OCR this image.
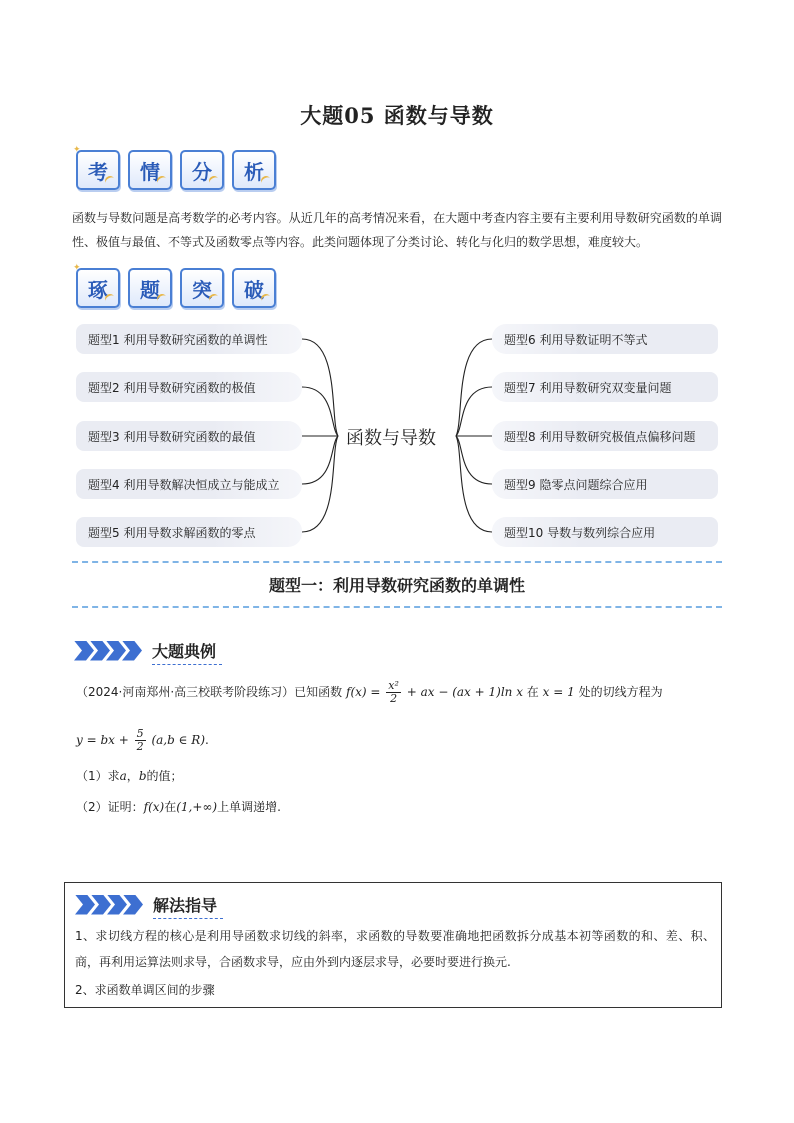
大题05 函数与导数
✦
考 情 分 析
函数与导数问题是高考数学的必考内容。从近几年的高考情况来看，在大题中考查内容主要有主要利用导数研究函数的单调性、极值与最值、不等式及函数零点等内容。此类问题体现了分类讨论、转化与化归的数学思想，难度较大。
✦
琢 题 突 破
函数与导数
题型1 利用导数研究函数的单调性
题型2 利用导数研究函数的极值
题型3 利用导数研究函数的最值
题型4 利用导数解决恒成立与能成立
题型5 利用导数求解函数的零点
题型6 利用导数证明不等式
题型7 利用导数研究双变量问题
题型8 利用导数研究极值点偏移问题
题型9 隐零点问题综合应用
题型10 导数与数列综合应用
题型一：利用导数研究函数的单调性
大题典例
（2024·河南郑州·高三校联考阶段练习）已知函数 $f(x) = \frac{\text{x²}}{2}$ + ax − (ax + 1)ln x 在 x = 1 处的切线方程为
y = bx + $\frac{5}{2} (a,b$ ∈ R).
（1）求a，b的值；
（2）证明：f(x)在(1,+∞)上单调递增.
解法指导
1、求切线方程的核心是利用导函数求切线的斜率，求函数的导数要准确地把函数拆分成基本初等函数的和、差、积、商，再利用运算法则求导，合函数求导，应由外到内逐层求导，必要时要进行换元.
2、求函数单调区间的步骤
